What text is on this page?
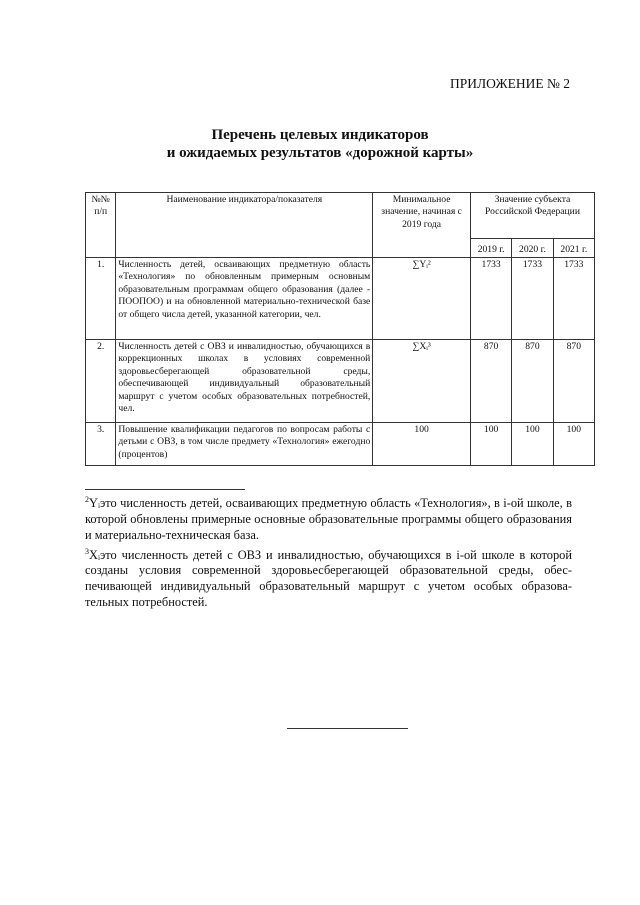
ПРИЛОЖЕНИЕ № 2
Перечень целевых индикаторов
и ожидаемых результатов «дорожной карты»
№№ п/п	Наименование индикатора/показателя	Минимальное значение, начиная с 2019 года	Значение субъекта Российской Федерации		
			2019 г.	2020 г.	2021 г.
1.	Численность детей, осваивающих предметную область «Технология» по обновленным примерным основным образовательным программам общего образования (далее - ПООПОО) и на обновленной материально-технической базе от общего числа детей, указанной категории, чел.	∑Yᵢ²	1733	1733	1733
2.	Численность детей с ОВЗ и инвалидностью, обучающихся в коррекционных школах в условиях современной здоровьесберегающей образовательной среды, обеспечивающей индивидуальный образовательный маршрут с учетом особых образовательных потребностей, чел.	∑Xᵢ³	870	870	870
3.	Повышение квалификации педагогов по вопросам работы с детьми с ОВЗ, в том числе предмету «Технология» ежегодно (процентов)	100	100	100	100

$^2$Yᵢэто численность детей, осваивающих предметную область «Технология», в i-ой школе, в которой обновлены примерные основные образовательные программы общего образования и материально-техническая база.

$^3$Xᵢэто численность детей с ОВЗ и инвалидностью, обучающихся в i-ой школе в которой созданы условия современной здоровьесберегающей образовательной среды, обеспечивающей индивидуальный образовательный маршрут с учетом особых образовательных потребностей.
